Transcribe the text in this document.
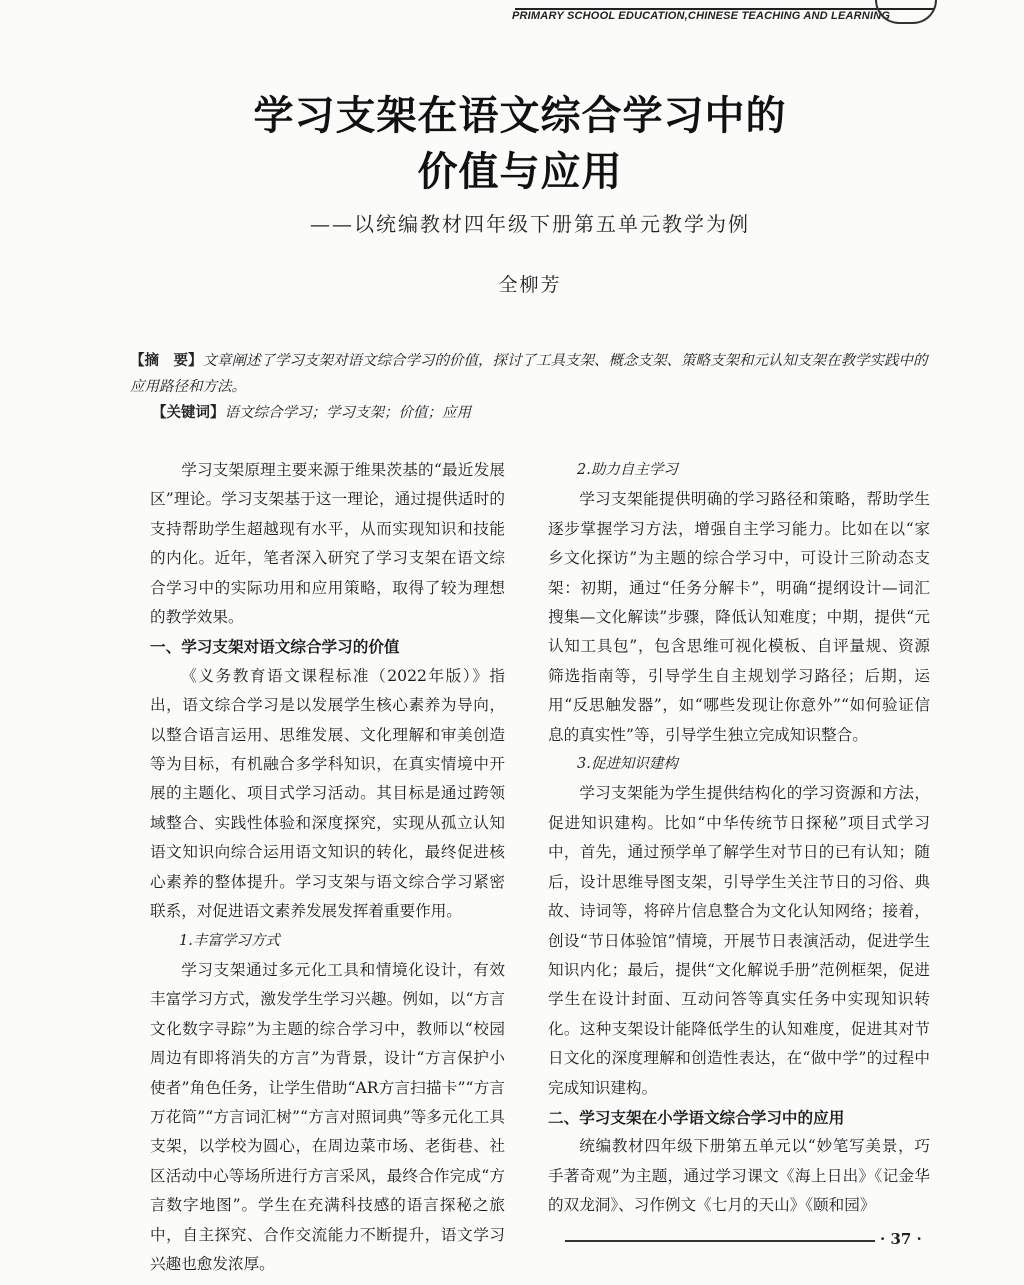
PRIMARY SCHOOL EDUCATION,CHINESE TEACHING AND LEARNING
学习支架在语文综合学习中的
价值与应用
——以统编教材四年级下册第五单元教学为例
全柳芳
【摘　要】文章阐述了学习支架对语文综合学习的价值，探讨了工具支架、概念支架、策略支架和元认知支架在教学实践中的应用路径和方法。
【关键词】语文综合学习；学习支架；价值；应用

学习支架原理主要来源于维果茨基的“最近发展区”理论。学习支架基于这一理论，通过提供适时的支持帮助学生超越现有水平，从而实现知识和技能的内化。近年，笔者深入研究了学习支架在语文综合学习中的实际功用和应用策略，取得了较为理想的教学效果。

一、学习支架对语文综合学习的价值

《义务教育语文课程标准（2022年版）》指出，语文综合学习是以发展学生核心素养为导向，以整合语言运用、思维发展、文化理解和审美创造等为目标，有机融合多学科知识，在真实情境中开展的主题化、项目式学习活动。其目标是通过跨领域整合、实践性体验和深度探究，实现从孤立认知语文知识向综合运用语文知识的转化，最终促进核心素养的整体提升。学习支架与语文综合学习紧密联系，对促进语文素养发展发挥着重要作用。

1.丰富学习方式

学习支架通过多元化工具和情境化设计，有效丰富学习方式，激发学生学习兴趣。例如，以“方言文化数字寻踪”为主题的综合学习中，教师以“校园周边有即将消失的方言”为背景，设计“方言保护小使者”角色任务，让学生借助“AR方言扫描卡”“方言万花筒”“方言词汇树”“方言对照词典”等多元化工具支架，以学校为圆心，在周边菜市场、老街巷、社区活动中心等场所进行方言采风，最终合作完成“方言数字地图”。学生在充满科技感的语言探秘之旅中，自主探究、合作交流能力不断提升，语文学习兴趣也愈发浓厚。

2.助力自主学习

学习支架能提供明确的学习路径和策略，帮助学生逐步掌握学习方法，增强自主学习能力。比如在以“家乡文化探访”为主题的综合学习中，可设计三阶动态支架：初期，通过“任务分解卡”，明确“提纲设计—词汇搜集—文化解读”步骤，降低认知难度；中期，提供“元认知工具包”，包含思维可视化模板、自评量规、资源筛选指南等，引导学生自主规划学习路径；后期，运用“反思触发器”，如“哪些发现让你意外”“如何验证信息的真实性”等，引导学生独立完成知识整合。

3.促进知识建构

学习支架能为学生提供结构化的学习资源和方法，促进知识建构。比如“中华传统节日探秘”项目式学习中，首先，通过预学单了解学生对节日的已有认知；随后，设计思维导图支架，引导学生关注节日的习俗、典故、诗词等，将碎片信息整合为文化认知网络；接着，创设“节日体验馆”情境，开展节日表演活动，促进学生知识内化；最后，提供“文化解说手册”范例框架，促进学生在设计封面、互动问答等真实任务中实现知识转化。这种支架设计能降低学生的认知难度，促进其对节日文化的深度理解和创造性表达，在“做中学”的过程中完成知识建构。

二、学习支架在小学语文综合学习中的应用

统编教材四年级下册第五单元以“妙笔写美景，巧手著奇观”为主题，通过学习课文《海上日出》《记金华的双龙洞》、习作例文《七月的天山》《颐和园》

· 37 ·
